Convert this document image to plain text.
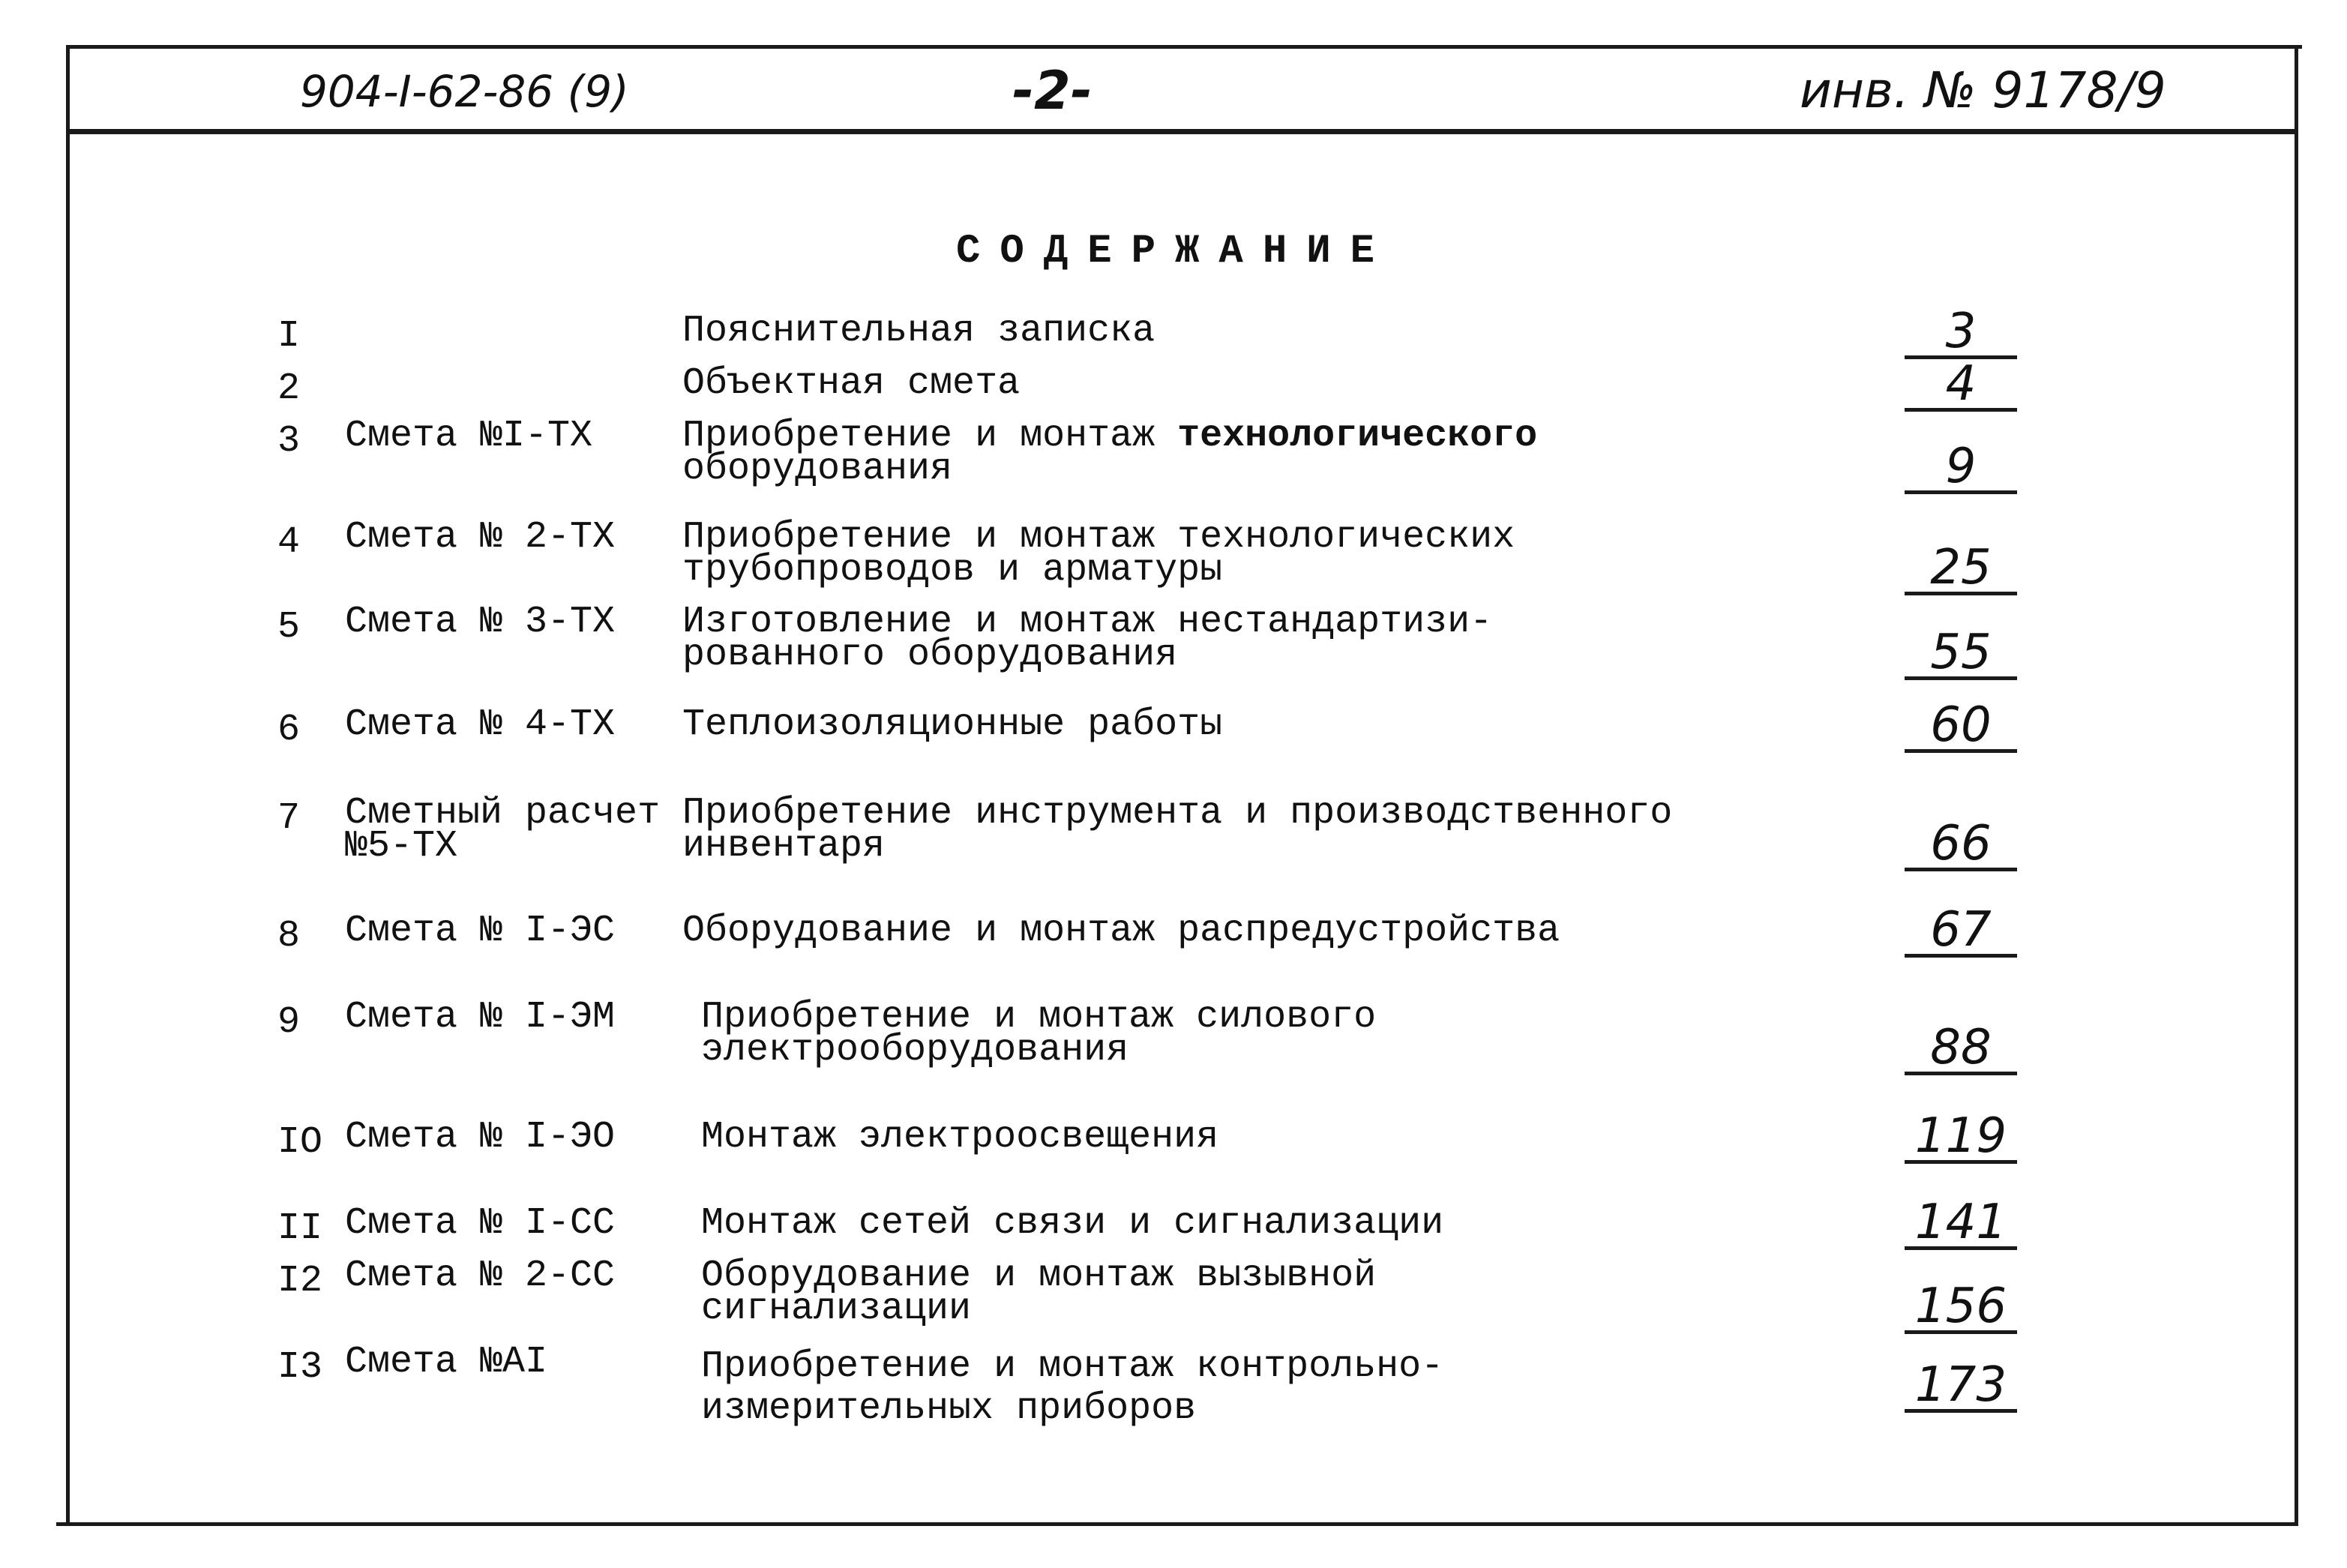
904-I-62-86 (9)	-2-	инв. № 9178/9
СОДЕРЖАНИЕ
I	Пояснительная записка	3
2	Объектная смета	4
3 Смета №I-ТХ Приобретение и монтаж технологического
оборудования	9
4 Смета № 2-ТХ Приобретение и монтаж технологических
трубопроводов и арматуры	25
5 Смета № 3-ТХ Изготовление и монтаж нестандартизи-
рованного оборудования	55
6 Смета № 4-ТХ Теплоизоляционные работы	60
7 Сметный расчет
№5-ТХ
Приобретение инструмента и производственного
инвентаря	66
8 Смета № I-ЭС Оборудование и монтаж распредустройства	67
9 Смета № I-ЭМ Приобретение и монтаж силового
электрооборудования	88
IO Смета № I-ЭО Монтаж электроосвещения	119
II Смета № I-СС Монтаж сетей связи и сигнализации	141
I2 Смета № 2-СС Оборудование и монтаж вызывной
сигнализации	156
I3 Смета №АI	Приобретение и монтаж контрольно-
измерительных приборов	173
